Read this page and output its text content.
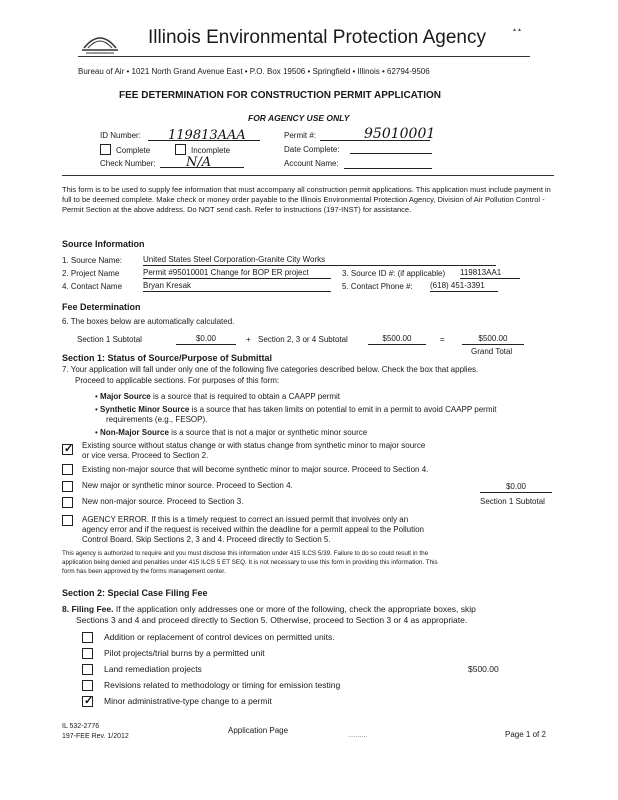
Illinois Environmental Protection Agency	▲▲
Bureau of Air • 1021 North Grand Avenue East • P.O. Box 19506 • Springfield • Illinois • 62794-9506
FEE DETERMINATION FOR CONSTRUCTION PERMIT APPLICATION
FOR AGENCY USE ONLY
ID Number:	119813AAA	Permit #:	95010001
Complete	Incomplete	Date Complete:
Check Number:	N/A	Account Name:
This form is to be used to supply fee information that must accompany all construction permit applications. This application must include payment in full to be deemed complete. Make check or money order payable to the Illinois Environmental Protection Agency, Division of Air Pollution Control - Permit Section at the above address. Do NOT send cash. Refer to instructions (197-INST) for assistance.
Source Information
1. Source Name:	United States Steel Corporation-Granite City Works
2. Project Name	Permit #95010001 Change for BOP ER project	3. Source ID #: (if applicable) 119813AA1
4. Contact Name	Bryan Kresak	5. Contact Phone #: (618) 451-3391
Fee Determination
6. The boxes below are automatically calculated.
Section 1 Subtotal	$0.00	+ Section 2, 3 or 4 Subtotal	$500.00	=	$500.00
Grand Total
Section 1: Status of Source/Purpose of Submittal
7. Your application will fall under only one of the following five categories described below. Check the box that applies.
Proceed to applicable sections. For purposes of this form:
• Major Source is a source that is required to obtain a CAAPP permit
• Synthetic Minor Source is a source that has taken limits on potential to emit in a permit to avoid CAAPP permit
requirements (e.g., FESOP).
• Non-Major Source is a source that is not a major or synthetic minor source
✓
Existing source without status change or with status change from synthetic minor to major source
or vice versa. Proceed to Section 2.
Existing non-major source that will become synthetic minor to major source. Proceed to Section 4.
New major or synthetic minor source. Proceed to Section 4.	$0.00
New non-major source. Proceed to Section 3.	Section 1 Subtotal
AGENCY ERROR. If this is a timely request to correct an issued permit that involves only an
agency error and if the request is received within the deadline for a permit appeal to the Pollution
Control Board. Skip Sections 2, 3 and 4. Proceed directly to Section 5.
This agency is authorized to require and you must disclose this information under 415 ILCS 5/39. Failure to do so could result in the
application being denied and penalties under 415 ILCS 5 ET SEQ. It is not necessary to use this form in providing this information. This
form has been approved by the forms management center.
Section 2: Special Case Filing Fee
8. Filing Fee. If the application only addresses one or more of the following, check the appropriate boxes, skip
Sections 3 and 4 and proceed directly to Section 5. Otherwise, proceed to Section 3 or 4 as appropriate.
Addition or replacement of control devices on permitted units.
Pilot projects/trial burns by a permitted unit
Land remediation projects	$500.00
Revisions related to methodology or timing for emission testing
✓
Minor administrative-type change to a permit
IL 532-2776
197-FEE Rev. 1/2012
Application Page
..........	Page 1 of 2
